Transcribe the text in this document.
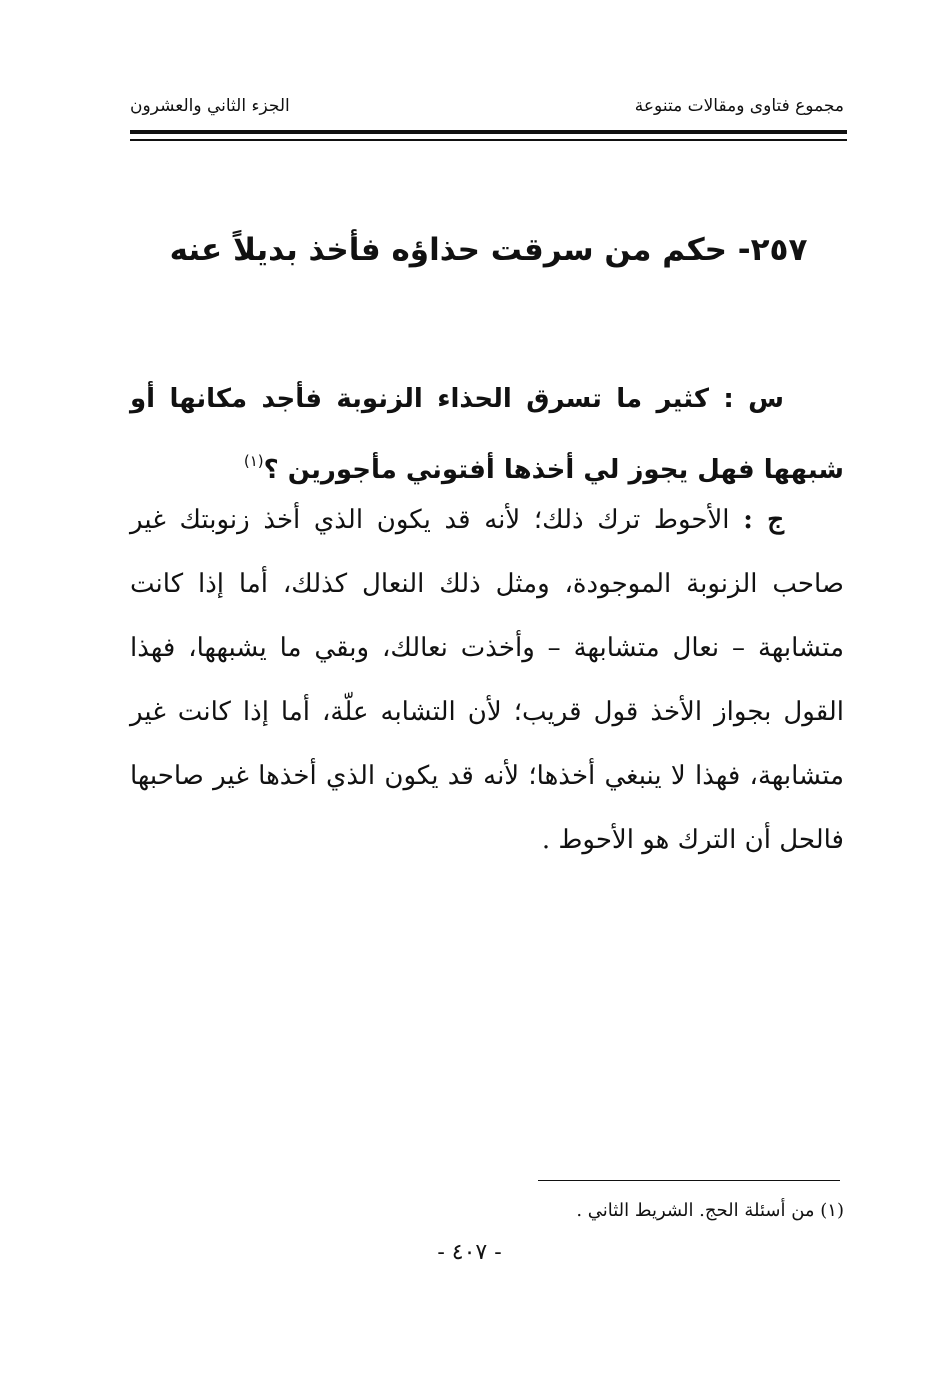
مجموع فتاوى ومقالات متنوعة
الجزء الثاني والعشرون
٢٥٧- حكم من سرقت حذاؤه فأخذ بديلاً عنه
س : كثير ما تسرق الحذاء الزنوبة فأجد مكانها أو شبهها فهل يجوز لي أخذها أفتوني مأجورين ؟$^{(١)}$
ج : الأحوط ترك ذلك؛ لأنه قد يكون الذي أخذ زنوبتك غير صاحب الزنوبة الموجودة، ومثل ذلك النعال كذلك، أما إذا كانت متشابهة – نعال متشابهة – وأخذت نعالك، وبقي ما يشبهها، فهذا القول بجواز الأخذ قول قريب؛ لأن التشابه علّة، أما إذا كانت غير متشابهة، فهذا لا ينبغي أخذها؛ لأنه قد يكون الذي أخذها غير صاحبها فالحل أن الترك هو الأحوط .
(١) من أسئلة الحج. الشريط الثاني .
- ٤٠٧ -
